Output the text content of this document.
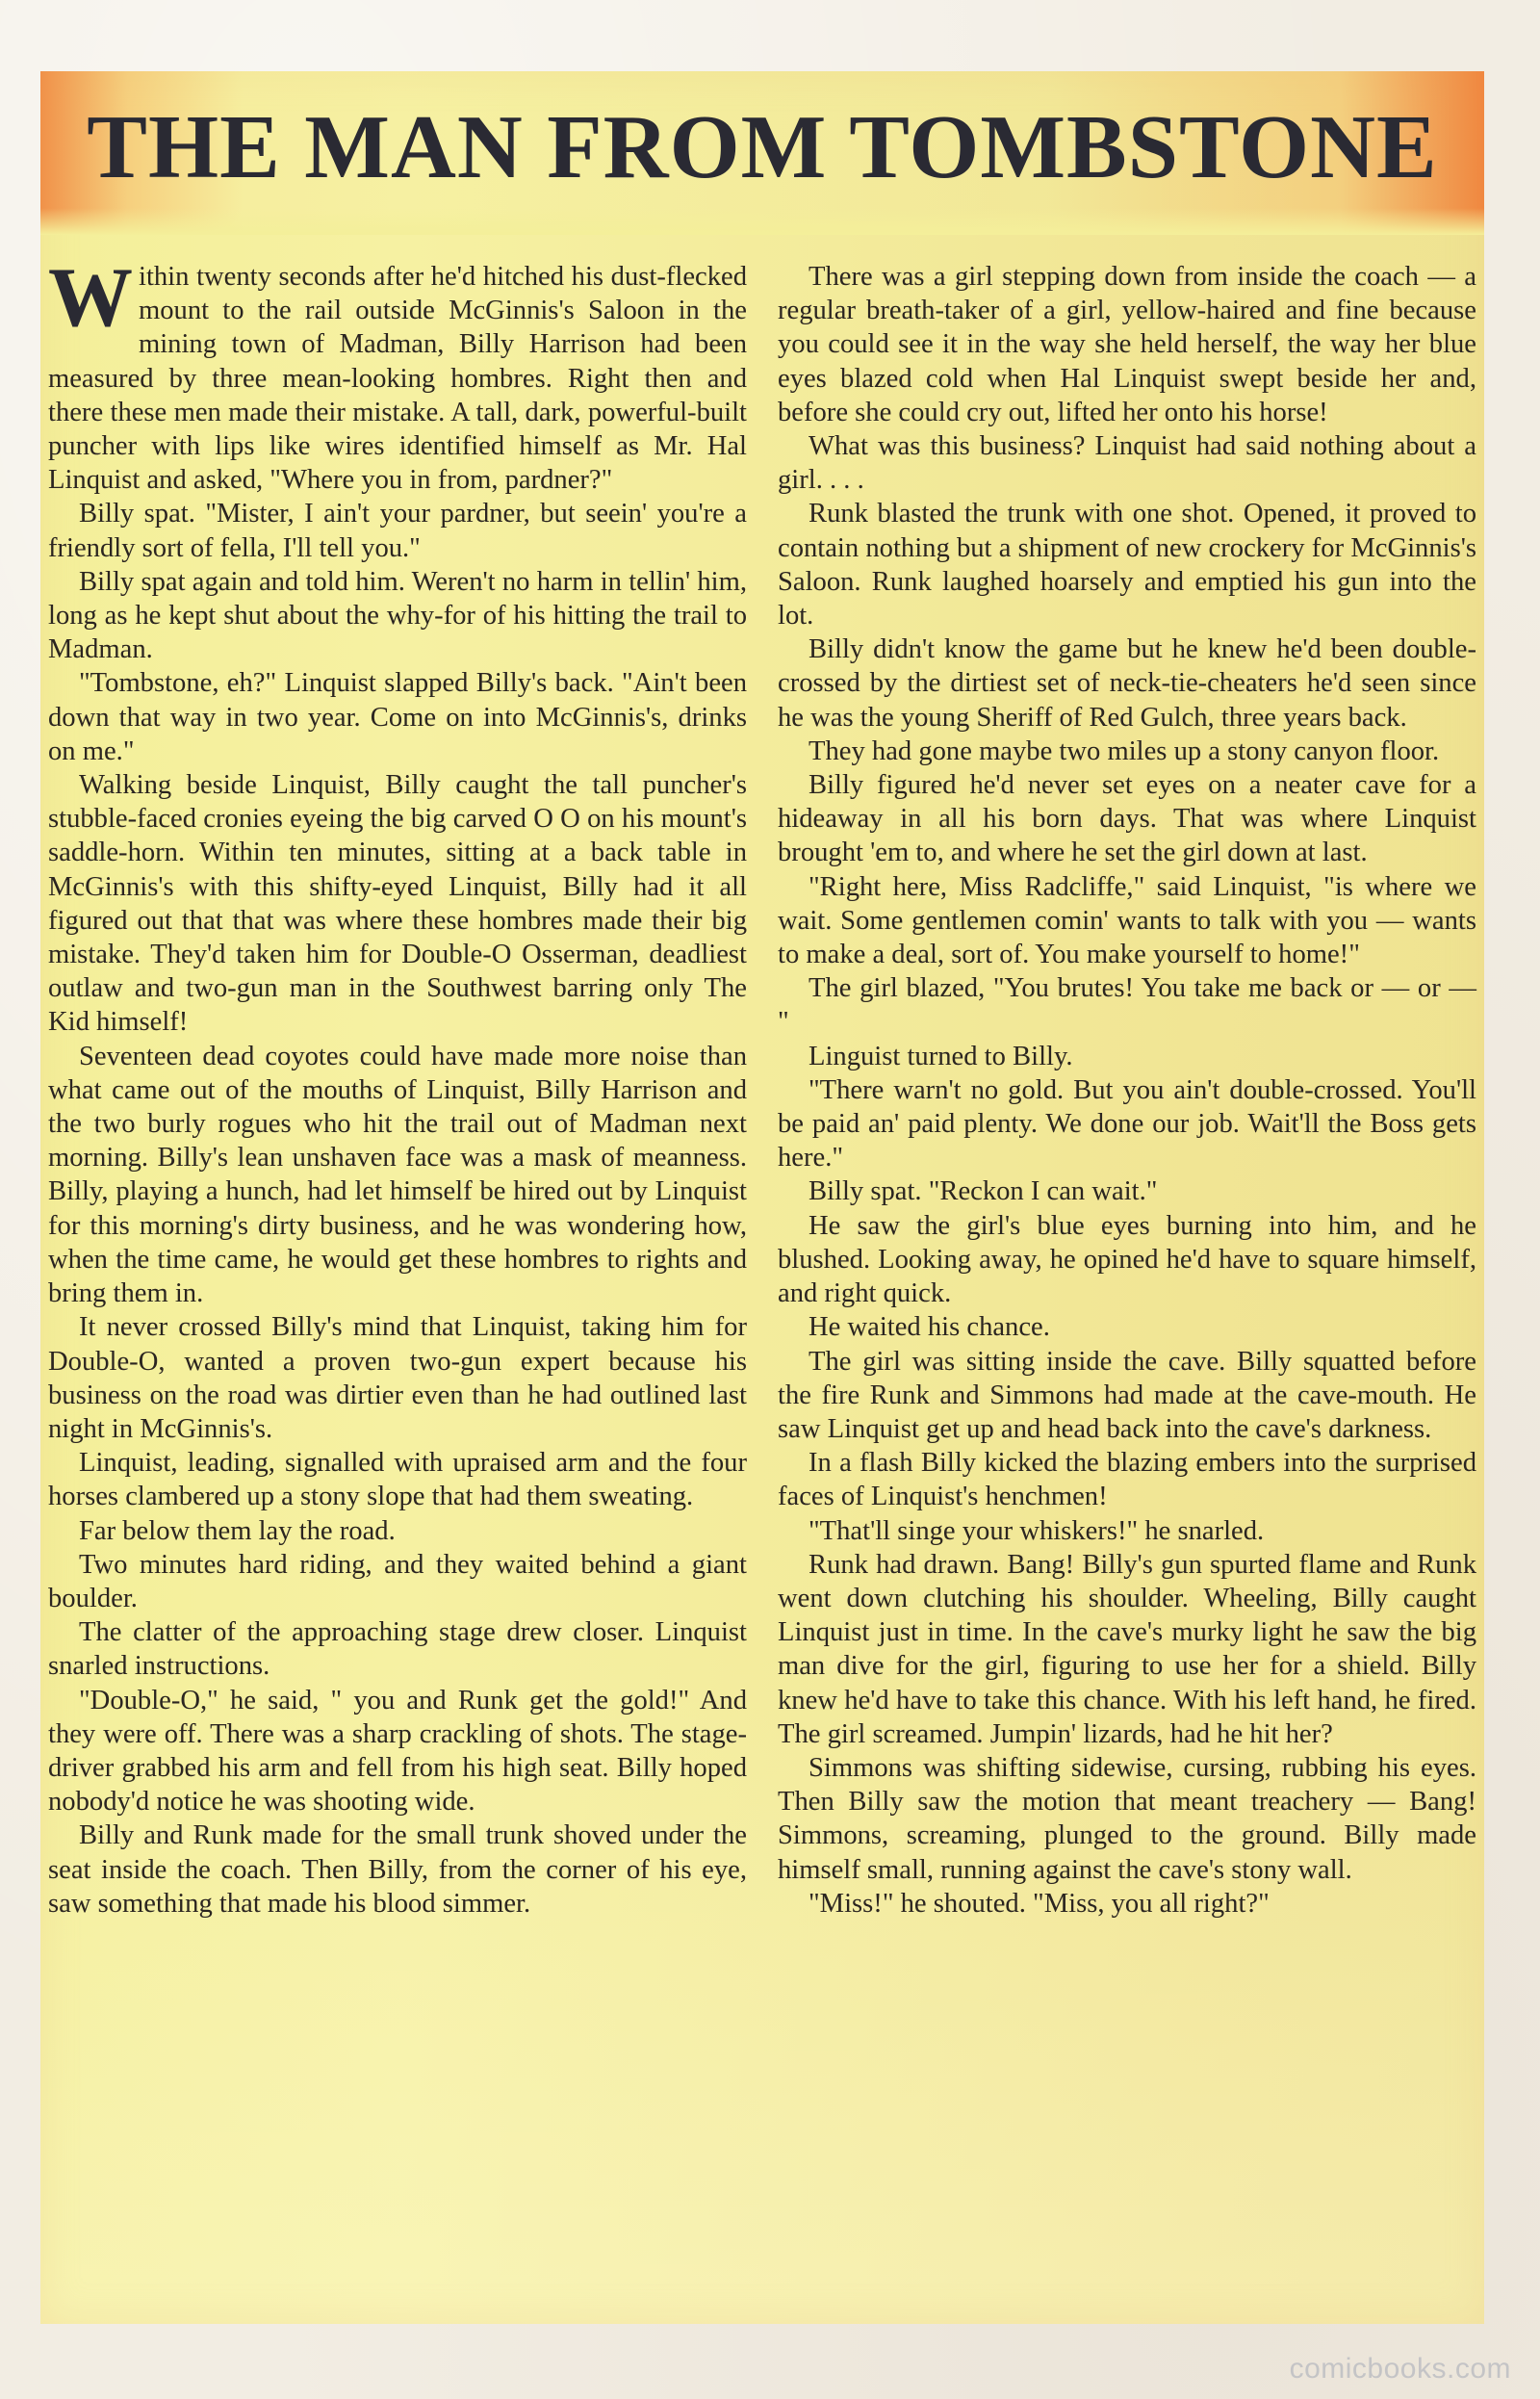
THE MAN FROM TOMBSTONE

Within twenty seconds after he'd hitched his dust-flecked mount to the rail outside McGinnis's Saloon in the mining town of Madman, Billy Harrison had been measured by three mean-looking hombres. Right then and there these men made their mistake. A tall, dark, powerful-built puncher with lips like wires identified himself as Mr. Hal Linquist and asked, "Where you in from, pardner?"

Billy spat. "Mister, I ain't your pardner, but seein' you're a friendly sort of fella, I'll tell you."

Billy spat again and told him. Weren't no harm in tellin' him, long as he kept shut about the why-for of his hitting the trail to Madman.

"Tombstone, eh?" Linquist slapped Billy's back. "Ain't been down that way in two year. Come on into McGinnis's, drinks on me."

Walking beside Linquist, Billy caught the tall puncher's stubble-faced cronies eyeing the big carved O O on his mount's saddle-horn. Within ten minutes, sitting at a back table in McGinnis's with this shifty-eyed Linquist, Billy had it all figured out that that was where these hombres made their big mistake. They'd taken him for Double-O Osserman, deadliest outlaw and two-gun man in the Southwest barring only The Kid himself!

Seventeen dead coyotes could have made more noise than what came out of the mouths of Linquist, Billy Harrison and the two burly rogues who hit the trail out of Madman next morning. Billy's lean unshaven face was a mask of meanness. Billy, playing a hunch, had let himself be hired out by Linquist for this morning's dirty business, and he was wondering how, when the time came, he would get these hombres to rights and bring them in.

It never crossed Billy's mind that Linquist, taking him for Double-O, wanted a proven two-gun expert because his business on the road was dirtier even than he had outlined last night in McGinnis's.

Linquist, leading, signalled with upraised arm and the four horses clambered up a stony slope that had them sweating.

Far below them lay the road.

Two minutes hard riding, and they waited behind a giant boulder.

The clatter of the approaching stage drew closer. Linquist snarled instructions.

"Double-O," he said, " you and Runk get the gold!" And they were off. There was a sharp crackling of shots. The stage-driver grabbed his arm and fell from his high seat. Billy hoped nobody'd notice he was shooting wide.

Billy and Runk made for the small trunk shoved under the seat inside the coach. Then Billy, from the corner of his eye, saw something that made his blood simmer.

There was a girl stepping down from inside the coach — a regular breath-taker of a girl, yellow-haired and fine because you could see it in the way she held herself, the way her blue eyes blazed cold when Hal Linquist swept beside her and, before she could cry out, lifted her onto his horse!

What was this business? Linquist had said nothing about a girl. . . .

Runk blasted the trunk with one shot. Opened, it proved to contain nothing but a shipment of new crockery for McGinnis's Saloon. Runk laughed hoarsely and emptied his gun into the lot.

Billy didn't know the game but he knew he'd been double-crossed by the dirtiest set of neck-tie-cheaters he'd seen since he was the young Sheriff of Red Gulch, three years back.

They had gone maybe two miles up a stony canyon floor.

Billy figured he'd never set eyes on a neater cave for a hideaway in all his born days. That was where Linquist brought 'em to, and where he set the girl down at last.

"Right here, Miss Radcliffe," said Linquist, "is where we wait. Some gentlemen comin' wants to talk with you — wants to make a deal, sort of. You make yourself to home!"

The girl blazed, "You brutes! You take me back or — or — "

Linguist turned to Billy.

"There warn't no gold. But you ain't double-crossed. You'll be paid an' paid plenty. We done our job. Wait'll the Boss gets here."

Billy spat. "Reckon I can wait."

He saw the girl's blue eyes burning into him, and he blushed. Looking away, he opined he'd have to square himself, and right quick.

He waited his chance.

The girl was sitting inside the cave. Billy squatted before the fire Runk and Simmons had made at the cave-mouth. He saw Linquist get up and head back into the cave's darkness.

In a flash Billy kicked the blazing embers into the surprised faces of Linquist's henchmen!

"That'll singe your whiskers!" he snarled.

Runk had drawn. Bang! Billy's gun spurted flame and Runk went down clutching his shoulder. Wheeling, Billy caught Linquist just in time. In the cave's murky light he saw the big man dive for the girl, figuring to use her for a shield. Billy knew he'd have to take this chance. With his left hand, he fired. The girl screamed. Jumpin' lizards, had he hit her?

Simmons was shifting sidewise, cursing, rubbing his eyes. Then Billy saw the motion that meant treachery — Bang! Simmons, screaming, plunged to the ground. Billy made himself small, running against the cave's stony wall.

"Miss!" he shouted. "Miss, you all right?"

comicbooks.com
